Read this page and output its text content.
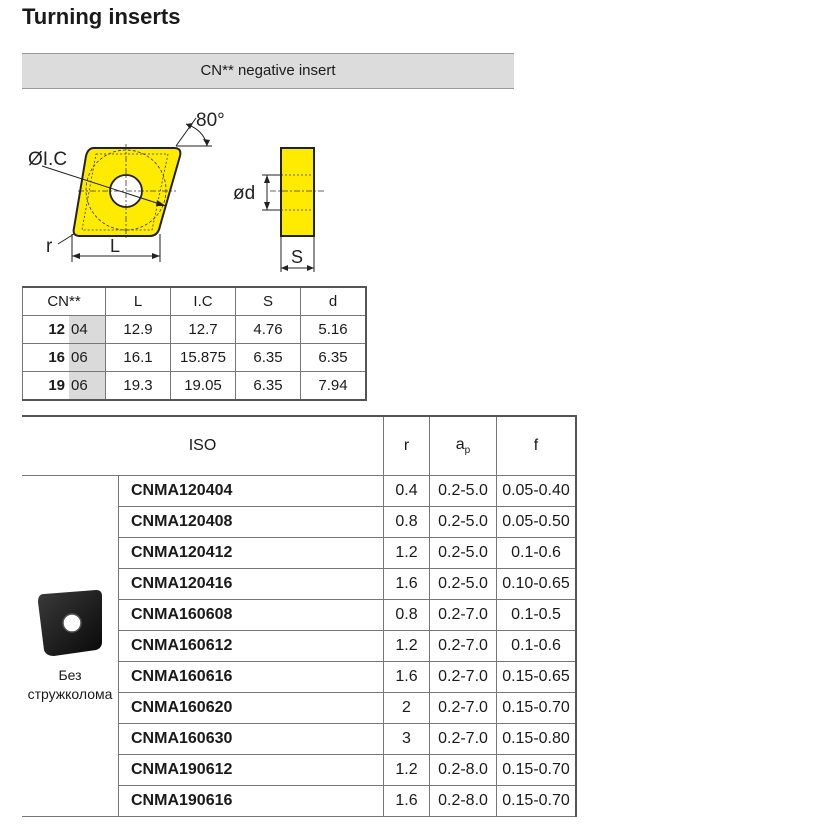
Turning inserts
CN** negative insert
ØI.C
80°
r	L
ød
S
CN**		L	I.C	S	d
12	04	12.9	12.7	4.76	5.16
16	06	16.1	15.875	6.35	6.35
19	06	19.3	19.05	6.35	7.94
ISO		r	$a_p$	f

Без
стружколома	CNMA120404	0.4	0.2-5.0	0.05-0.40
	CNMA120408	0.8	0.2-5.0	0.05-0.50
	CNMA120412	1.2	0.2-5.0	0.1-0.6
	CNMA120416	1.6	0.2-5.0	0.10-0.65
	CNMA160608	0.8	0.2-7.0	0.1-0.5
	CNMA160612	1.2	0.2-7.0	0.1-0.6
	CNMA160616	1.6	0.2-7.0	0.15-0.65
	CNMA160620	2	0.2-7.0	0.15-0.70
	CNMA160630	3	0.2-7.0	0.15-0.80
	CNMA190612	1.2	0.2-8.0	0.15-0.70
	CNMA190616	1.6	0.2-8.0	0.15-0.70
